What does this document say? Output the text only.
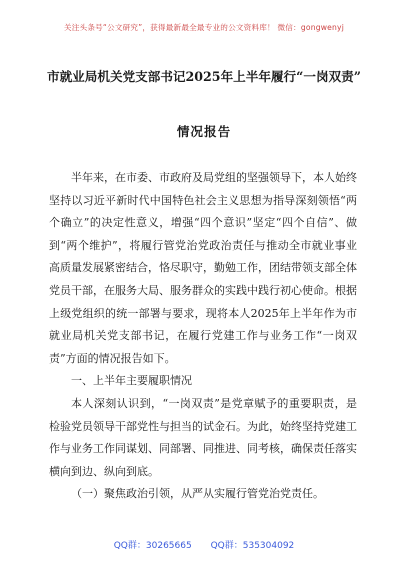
关注头条号“公文研究”，获得最新最全最专业的公文资料库！ 微信：gongwenyj
市就业局机关党支部书记2025年上半年履行“一岗双责”
情况报告

半年来，在市委、市政府及局党组的坚强领导下，本人始终坚持以习近平新时代中国特色社会主义思想为指导深刻领悟“两个确立”的决定性意义，增强“四个意识”坚定“四个自信”、做到“两个维护”，将履行管党治党政治责任与推动全市就业事业高质量发展紧密结合，恪尽职守，勤勉工作，团结带领支部全体党员干部，在服务大局、服务群众的实践中践行初心使命。根据上级党组织的统一部署与要求，现将本人2025年上半年作为市就业局机关党支部书记，在履行党建工作与业务工作“一岗双责”方面的情况报告如下。

一、上半年主要履职情况

本人深刻认识到，“一岗双责”是党章赋予的重要职责，是检验党员领导干部党性与担当的试金石。为此，始终坚持党建工作与业务工作同谋划、同部署、同推进、同考核，确保责任落实横向到边、纵向到底。

（一）聚焦政治引领，从严从实履行管党治党责任。

QQ群：30265665 QQ群：535304092
